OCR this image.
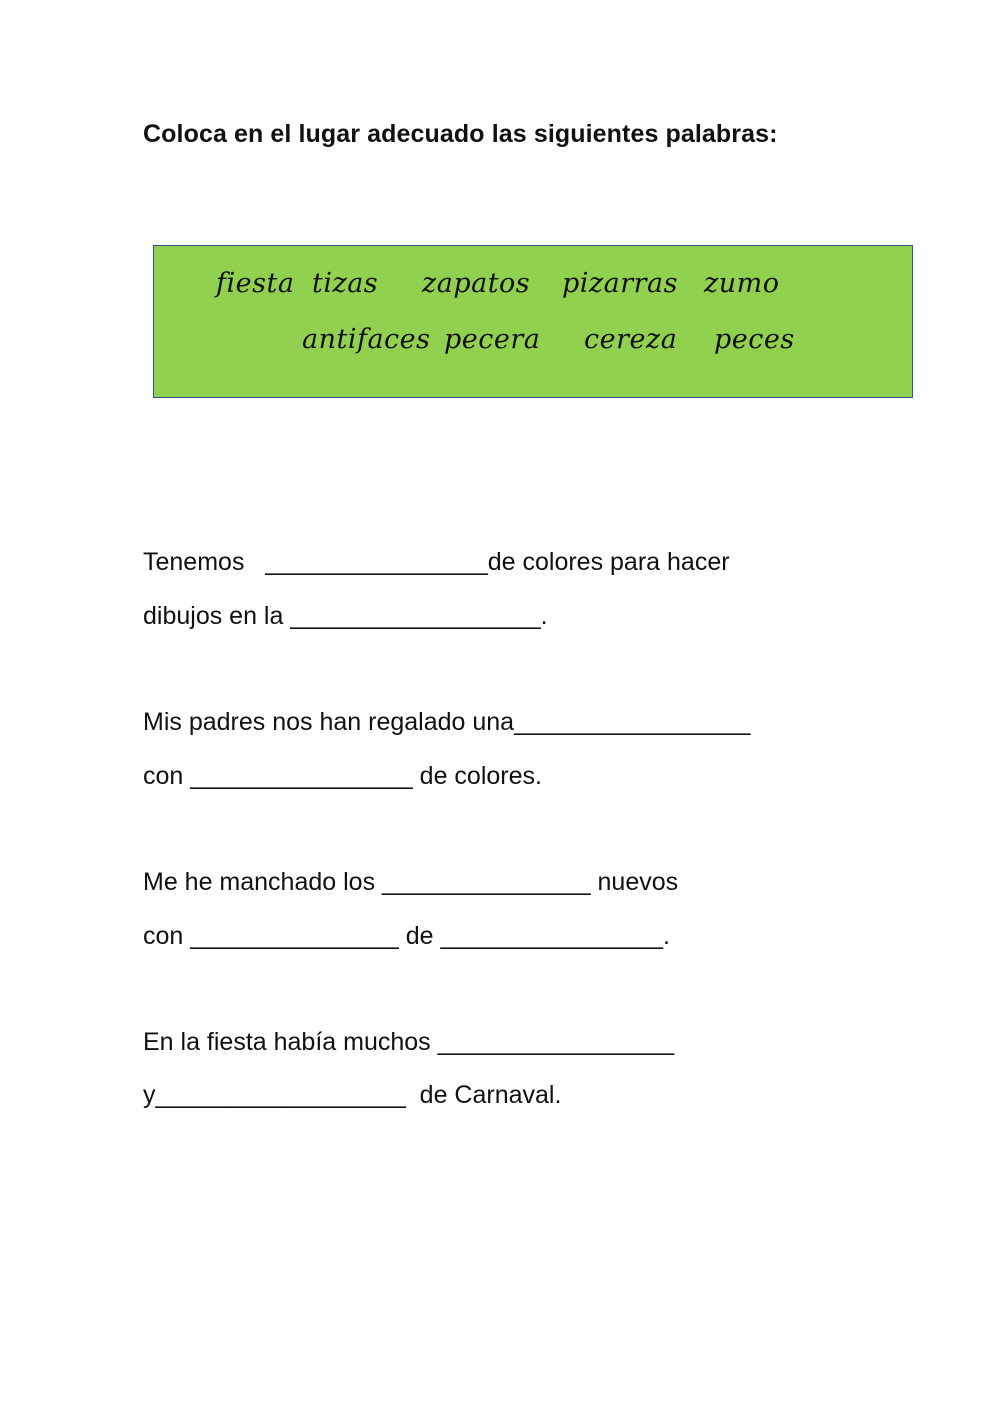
Coloca en el lugar adecuado las siguientes palabras:
fiesta tizas zapatos pizarras zumo
antifaces pecera cereza peces
Tenemos   ________________de colores para hacer
dibujos en la __________________.
Mis padres nos han regalado una_________________
con ________________ de colores.
Me he manchado los _______________ nuevos
con _______________ de ________________.
En la fiesta había muchos _________________
y__________________  de Carnaval.
